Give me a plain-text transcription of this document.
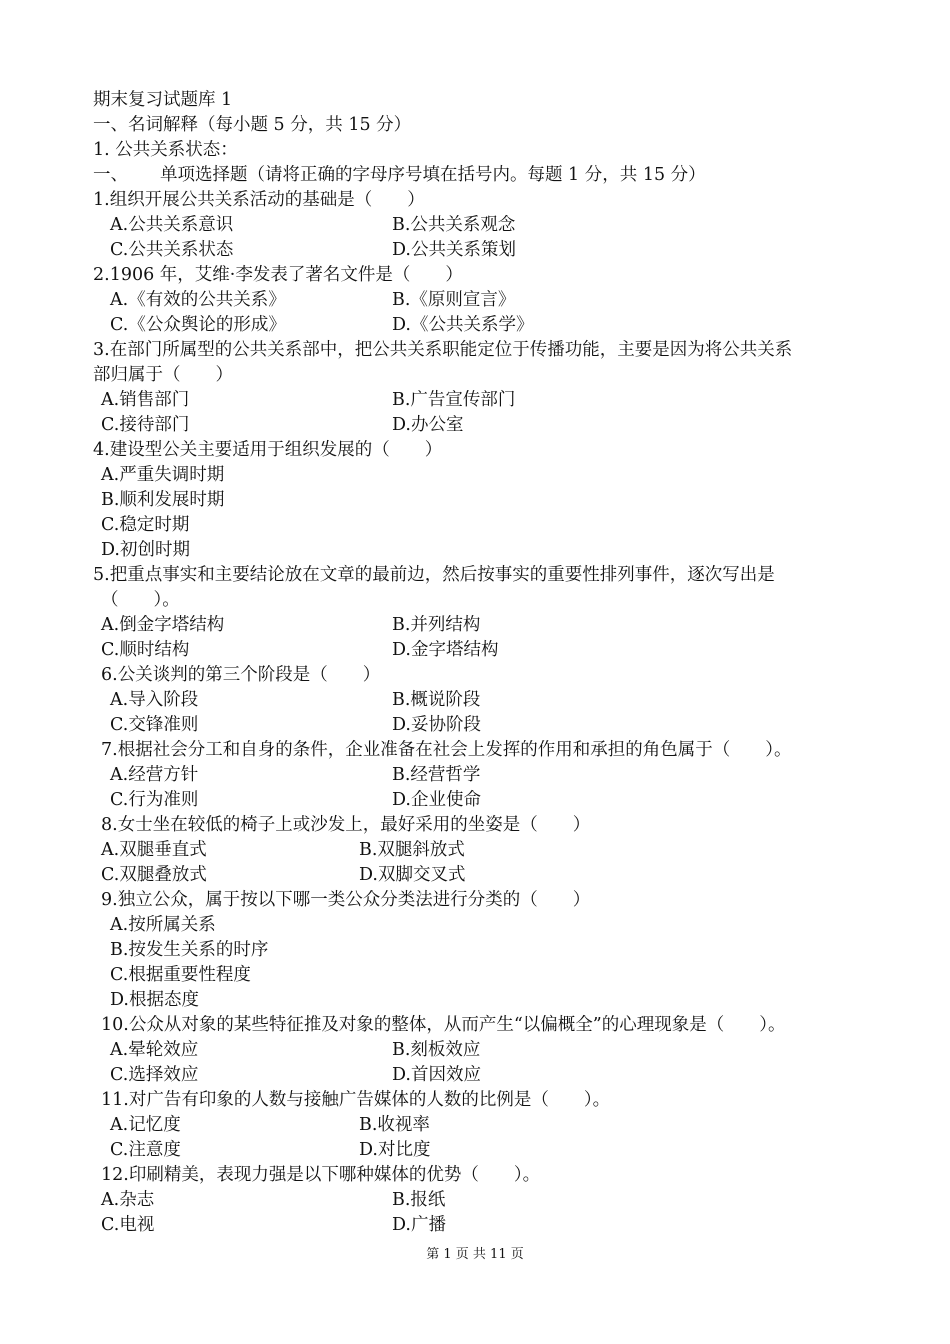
期末复习试题库 1
一、名词解释（每小题 5 分，共 15 分）
1. 公共关系状态：
一、 单项选择题（请将正确的字母序号填在括号内。每题 1 分，共 15 分）
1.组织开展公共关系活动的基础是（　　）
A.公共关系意识	B.公共关系观念
C.公共关系状态	D.公共关系策划
2.1906 年，艾维·李发表了著名文件是（　　）
A.《有效的公共关系》	B.《原则宣言》
C.《公众舆论的形成》	D.《公共关系学》
3.在部门所属型的公共关系部中，把公共关系职能定位于传播功能，主要是因为将公共关系
部归属于（　　）
A.销售部门	B.广告宣传部门
C.接待部门	D.办公室
4.建设型公关主要适用于组织发展的（　　）
A.严重失调时期
B.顺利发展时期
C.稳定时期
D.初创时期
5.把重点事实和主要结论放在文章的最前边，然后按事实的重要性排列事件，逐次写出是
（　　）。
A.倒金字塔结构	B.并列结构
C.顺时结构	D.金字塔结构
6.公关谈判的第三个阶段是（　　）
A.导入阶段	B.概说阶段
C.交锋准则	D.妥协阶段
7.根据社会分工和自身的条件，企业准备在社会上发挥的作用和承担的角色属于（　　）。
A.经营方针	B.经营哲学
C.行为准则	D.企业使命
8.女士坐在较低的椅子上或沙发上，最好采用的坐姿是（　　）
A.双腿垂直式	B.双腿斜放式
C.双腿叠放式	D.双脚交叉式
9.独立公众，属于按以下哪一类公众分类法进行分类的（　　）
A.按所属关系
B.按发生关系的时序
C.根据重要性程度
D.根据态度
10.公众从对象的某些特征推及对象的整体，从而产生“以偏概全”的心理现象是（　　）。
A.晕轮效应	B.刻板效应
C.选择效应	D.首因效应
11.对广告有印象的人数与接触广告媒体的人数的比例是（　　）。
A.记忆度	B.收视率
C.注意度	D.对比度
12.印刷精美，表现力强是以下哪种媒体的优势（　　）。
A.杂志	B.报纸
C.电视	D.广播
第 1 页 共 11 页
